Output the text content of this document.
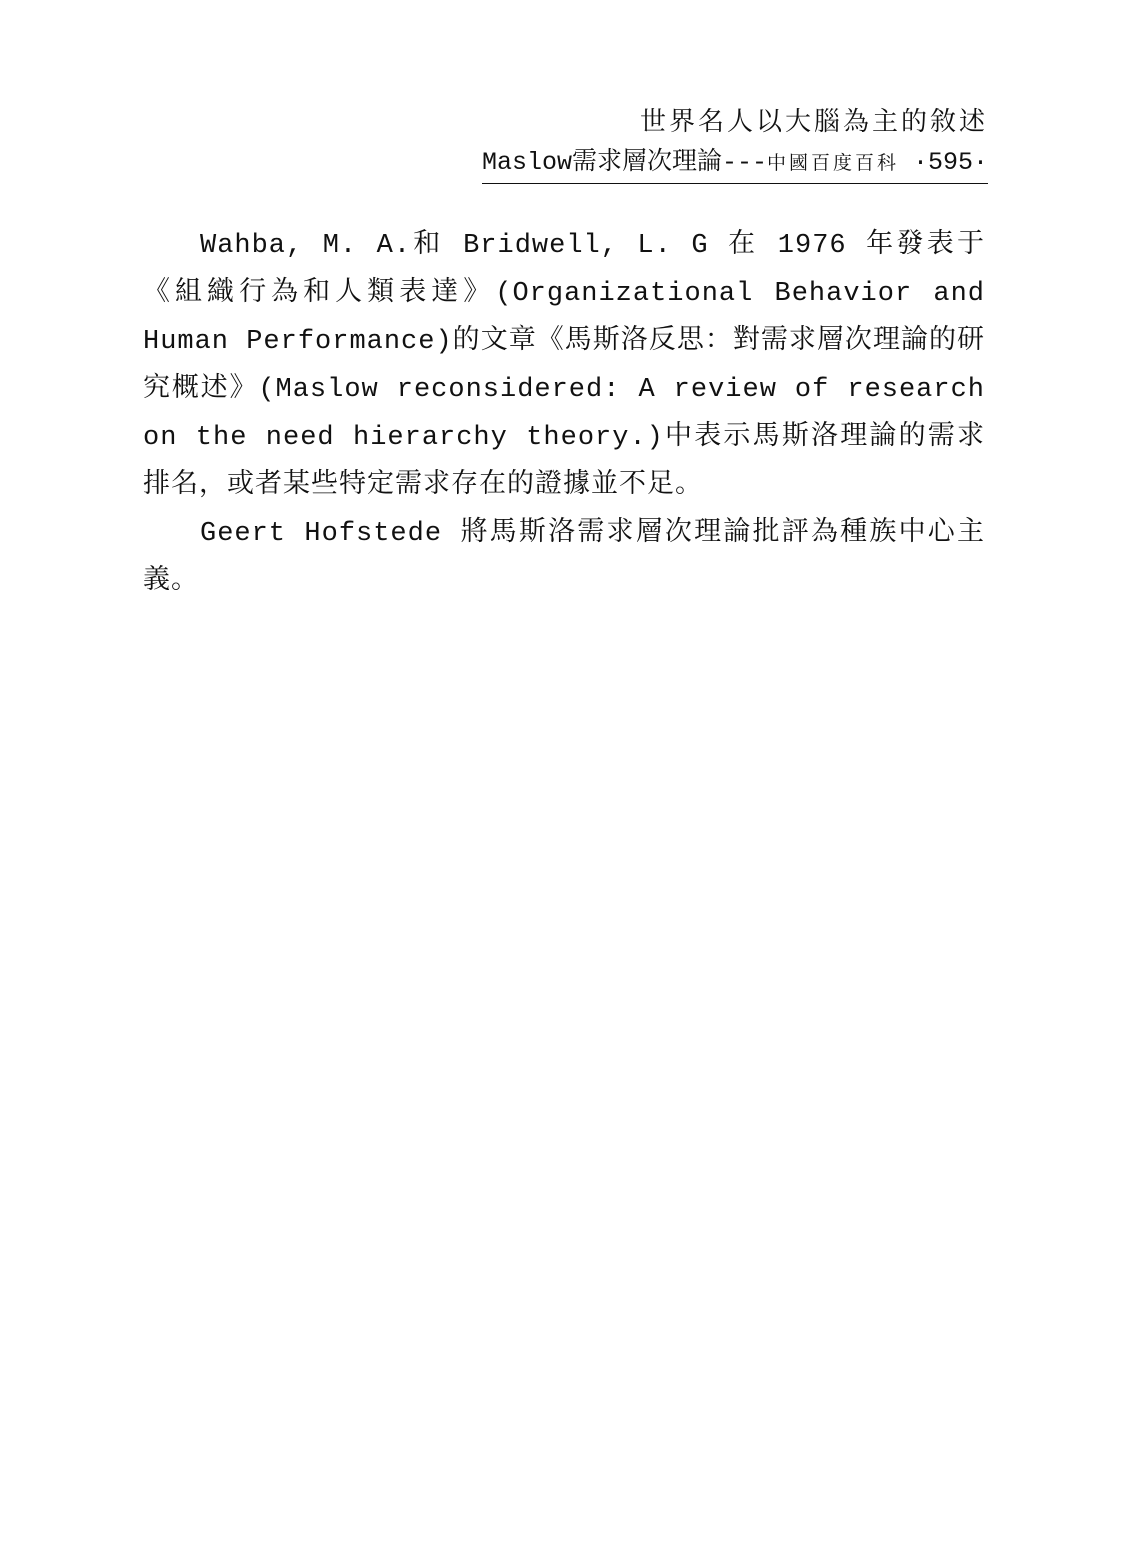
世界名人以大腦為主的敘述
Maslow需求層次理論---中國百度百科 ·595·

Wahba, M. A.和 Bridwell, L. G 在 1976 年發表于《組織行為和人類表達》(Organizational Behavior and Human Performance)的文章《馬斯洛反思：對需求層次理論的研究概述》(Maslow reconsidered: A review of research on the need hierarchy theory.)中表示馬斯洛理論的需求排名，或者某些特定需求存在的證據並不足。

Geert Hofstede 將馬斯洛需求層次理論批評為種族中心主義。
